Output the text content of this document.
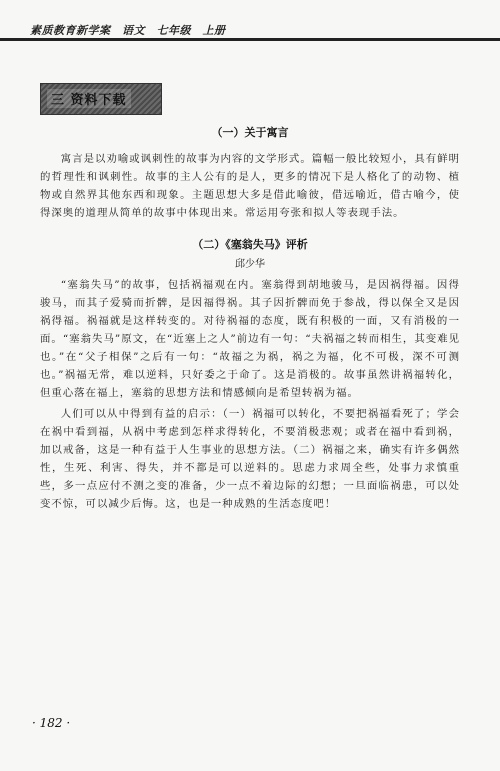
素质教育新学案　语文　七年级　上册
三 资料下载
（一）关于寓言

寓言是以劝喻或讽刺性的故事为内容的文学形式。篇幅一般比较短小，具有鲜明的哲理性和讽刺性。故事的主人公有的是人，更多的情况下是人格化了的动物、植物或自然界其他东西和现象。主题思想大多是借此喻彼，借远喻近，借古喻今，使得深奥的道理从简单的故事中体现出来。常运用夸张和拟人等表现手法。

（二）《塞翁失马》评析
邱少华

“塞翁失马”的故事，包括祸福观在内。塞翁得到胡地骏马，是因祸得福。因得骏马，而其子爱骑而折髀，是因福得祸。其子因折髀而免于参战，得以保全又是因祸得福。祸福就是这样转变的。对待祸福的态度，既有积极的一面，又有消极的一面。“塞翁失马”原文，在“近塞上之人”前边有一句：“夫祸福之转而相生，其变难见也。”在“父子相保”之后有一句：“故福之为祸，祸之为福，化不可极，深不可测也。”祸福无常，难以逆料，只好委之于命了。这是消极的。故事虽然讲祸福转化，但重心落在福上，塞翁的思想方法和情感倾向是希望转祸为福。

人们可以从中得到有益的启示：（一）祸福可以转化，不要把祸福看死了；学会在祸中看到福，从祸中考虑到怎样求得转化，不要消极悲观；或者在福中看到祸，加以戒备，这是一种有益于人生事业的思想方法。（二）祸福之来，确实有许多偶然性，生死、利害、得失，并不都是可以逆料的。思虑力求周全些，处事力求慎重些，多一点应付不测之变的准备，少一点不着边际的幻想；一旦面临祸患，可以处变不惊，可以减少后悔。这，也是一种成熟的生活态度吧！

· 182 ·
